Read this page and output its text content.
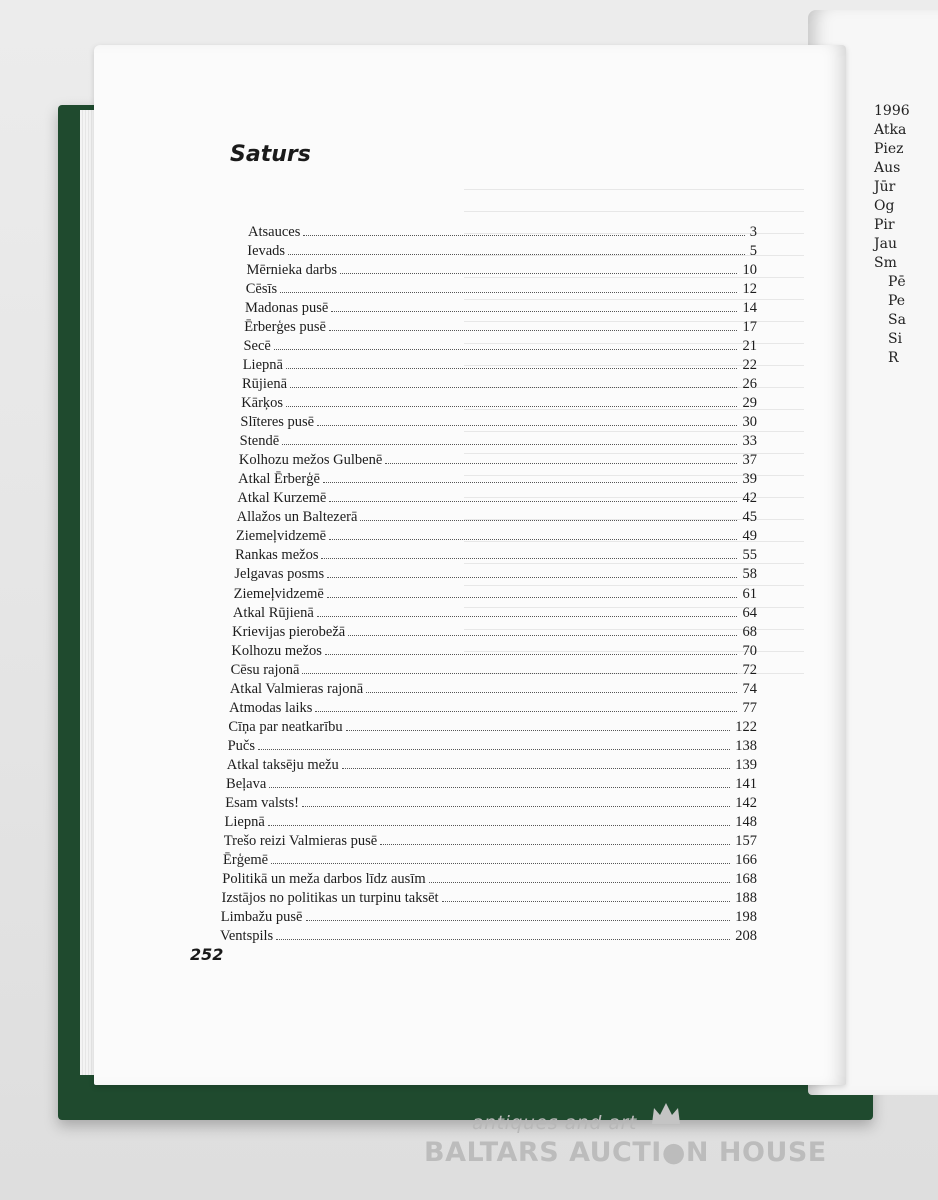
1996
Atka
Piez
Aus
Jūr
Og
Pir
Jau
Sm
Pē
Pe
Sa
Si
R
Saturs
Atsauces	3
Ievads	5
Mērnieka darbs	10
Cēsīs	12
Madonas pusē	14
Ērberģes pusē	17
Secē	21
Liepnā	22
Rūjienā	26
Kārķos	29
Slīteres pusē	30
Stendē	33
Kolhozu mežos Gulbenē	37
Atkal Ērberģē	39
Atkal Kurzemē	42
Allažos un Baltezerā	45
Ziemeļvidzemē	49
Rankas mežos	55
Jelgavas posms	58
Ziemeļvidzemē	61
Atkal Rūjienā	64
Krievijas pierobežā	68
Kolhozu mežos	70
Cēsu rajonā	72
Atkal Valmieras rajonā	74
Atmodas laiks	77
Cīņa par neatkarību	122
Pučs	138
Atkal taksēju mežu	139
Beļava	141
Esam valsts!	142
Liepnā	148
Trešo reizi Valmieras pusē	157
Ērģemē	166
Politikā un meža darbos līdz ausīm	168
Izstājos no politikas un turpinu taksēt	188
Limbažu pusē	198
Ventspils	208
252
antiques and art
BALTARS AUCTI●N HOUSE
